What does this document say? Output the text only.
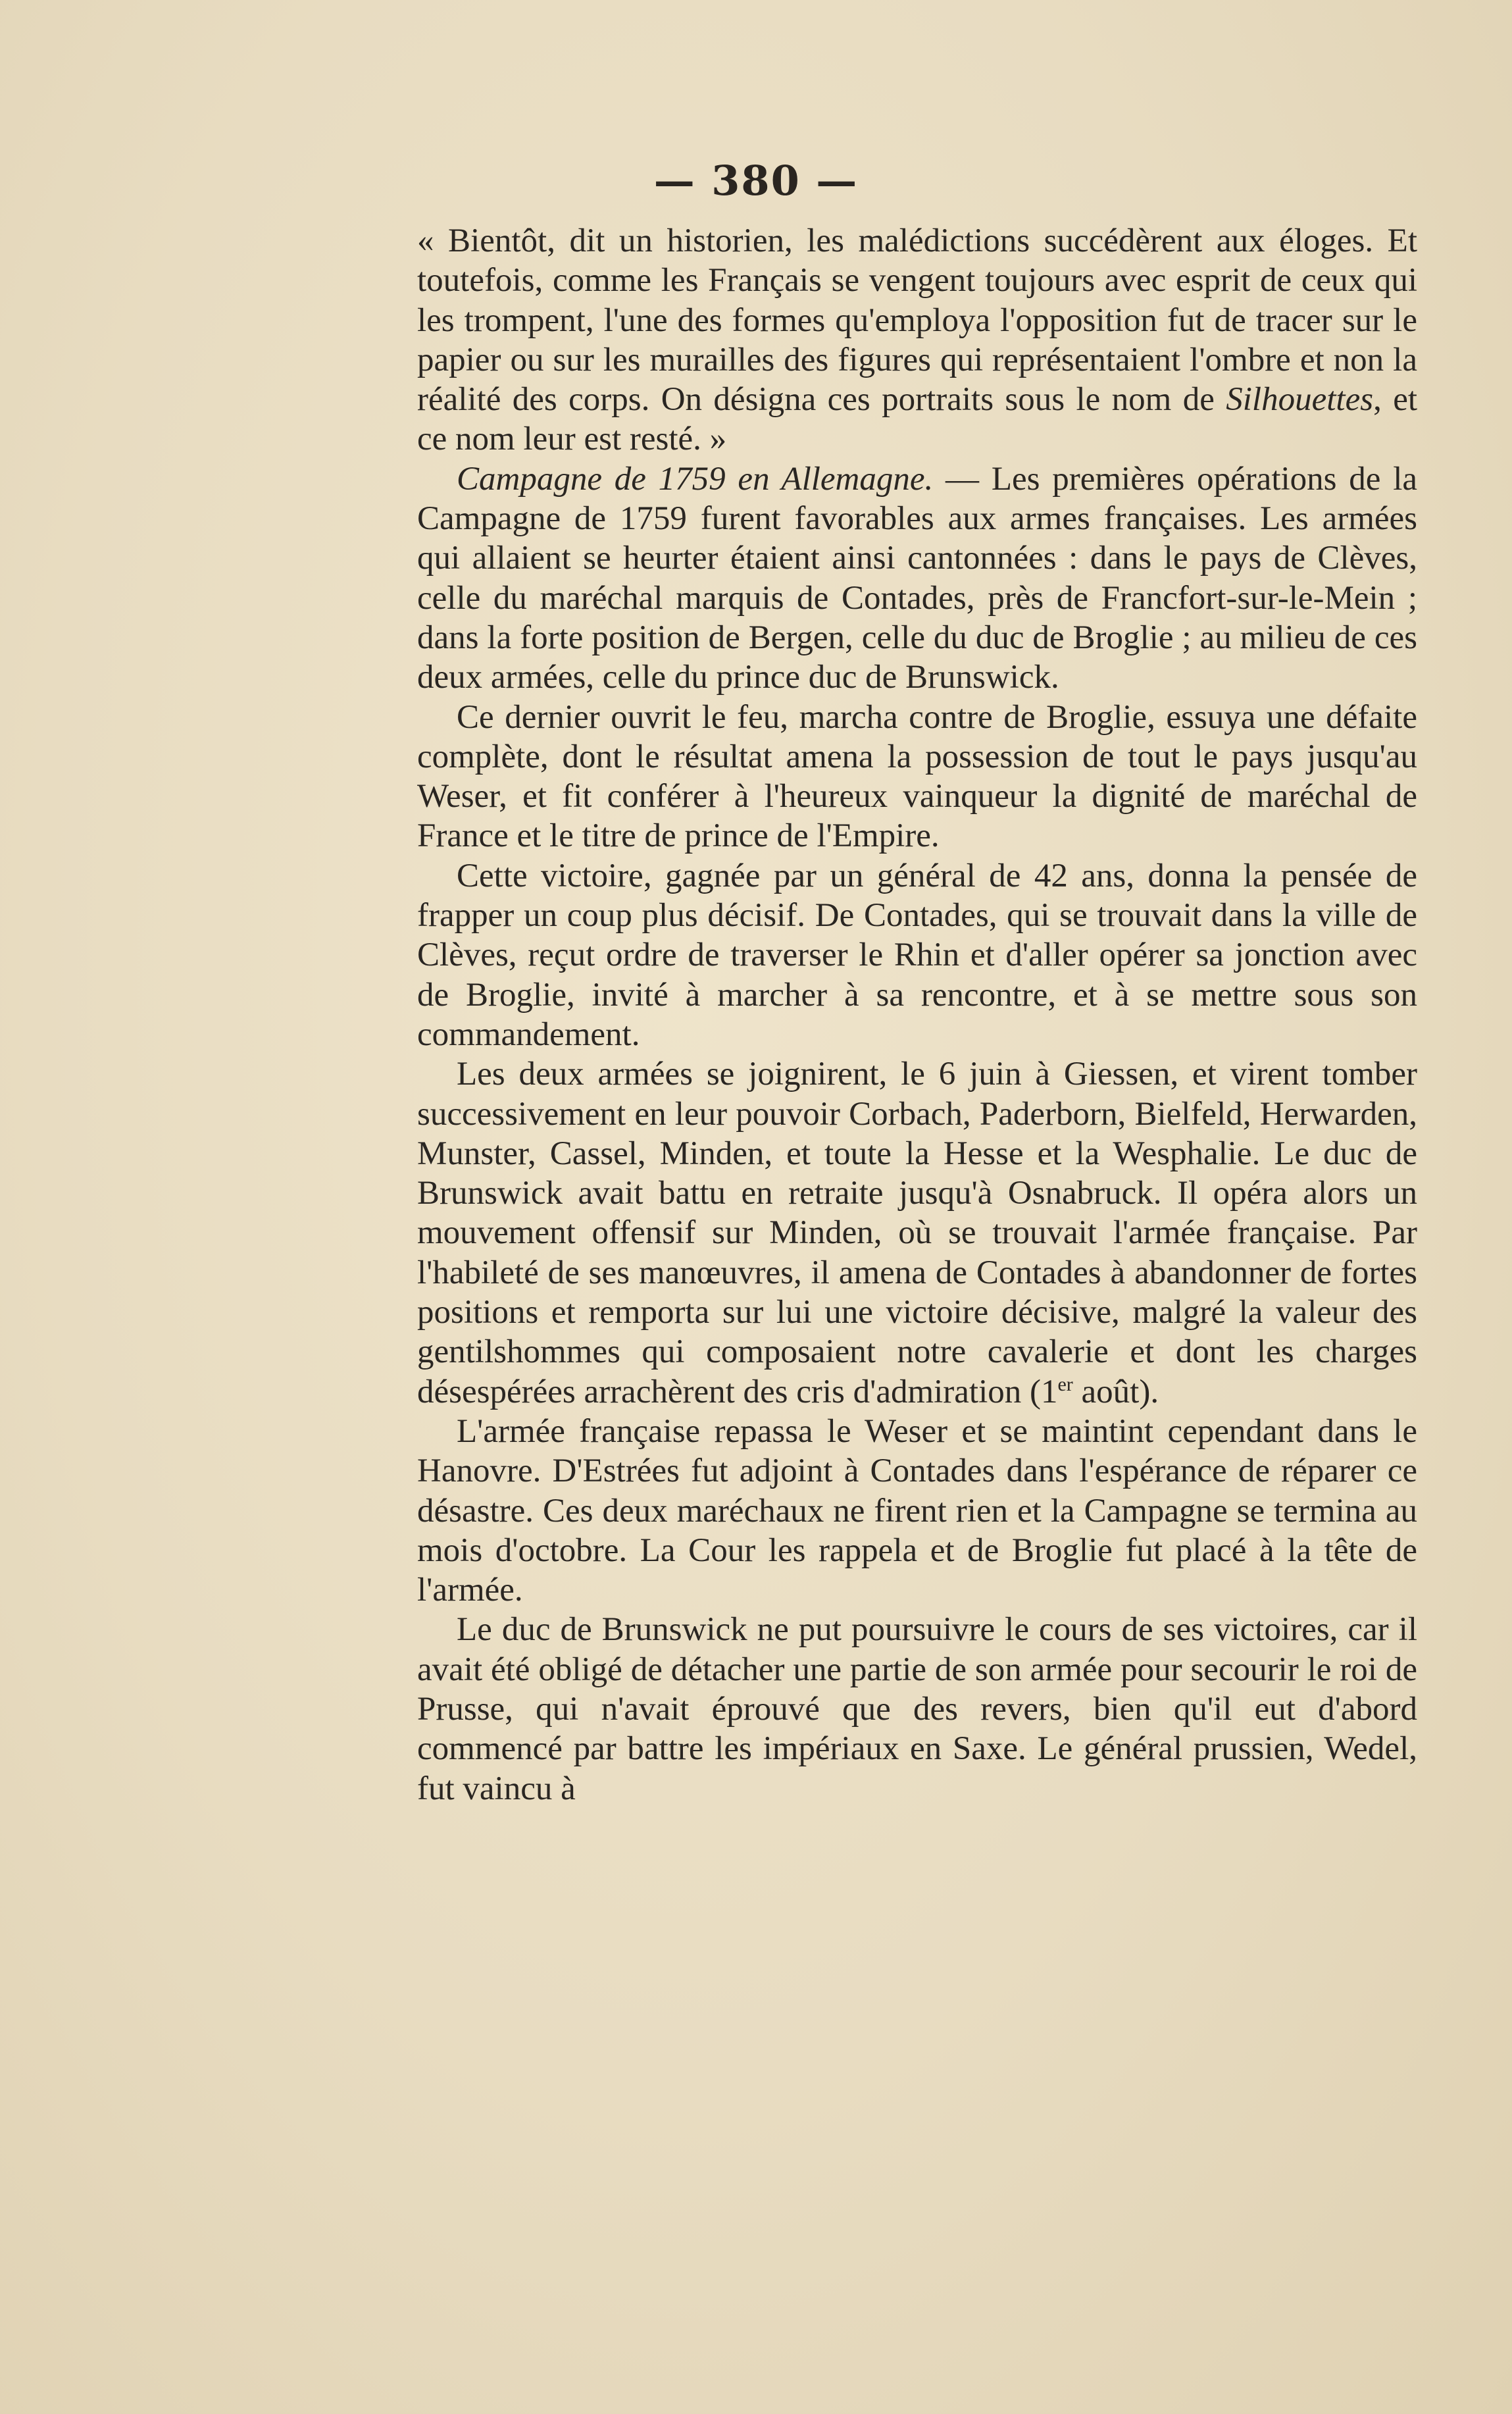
— 380 —

« Bientôt, dit un historien, les malédictions succédèrent aux éloges. Et toutefois, comme les Français se vengent toujours avec esprit de ceux qui les trompent, l'une des formes qu'employa l'opposition fut de tracer sur le papier ou sur les murailles des figures qui représentaient l'ombre et non la réalité des corps. On désigna ces portraits sous le nom de Silhouettes, et ce nom leur est resté. »

Campagne de 1759 en Allemagne. — Les premières opérations de la Campagne de 1759 furent favorables aux armes françaises. Les armées qui allaient se heurter étaient ainsi cantonnées : dans le pays de Clèves, celle du maréchal marquis de Contades, près de Francfort-sur-le-Mein ; dans la forte position de Bergen, celle du duc de Broglie ; au milieu de ces deux armées, celle du prince duc de Brunswick.

Ce dernier ouvrit le feu, marcha contre de Broglie, essuya une défaite complète, dont le résultat amena la possession de tout le pays jusqu'au Weser, et fit conférer à l'heureux vainqueur la dignité de maréchal de France et le titre de prince de l'Empire.

Cette victoire, gagnée par un général de 42 ans, donna la pensée de frapper un coup plus décisif. De Contades, qui se trouvait dans la ville de Clèves, reçut ordre de traverser le Rhin et d'aller opérer sa jonction avec de Broglie, invité à marcher à sa rencontre, et à se mettre sous son commandement.

Les deux armées se joignirent, le 6 juin à Giessen, et virent tomber successivement en leur pouvoir Corbach, Paderborn, Bielfeld, Herwarden, Munster, Cassel, Minden, et toute la Hesse et la Wesphalie. Le duc de Brunswick avait battu en retraite jusqu'à Osnabruck. Il opéra alors un mouvement offensif sur Minden, où se trouvait l'armée française. Par l'habileté de ses manœuvres, il amena de Contades à abandonner de fortes positions et remporta sur lui une victoire décisive, malgré la valeur des gentilshommes qui composaient notre cavalerie et dont les charges désespérées arrachèrent des cris d'admiration (1er août).

L'armée française repassa le Weser et se maintint cependant dans le Hanovre. D'Estrées fut adjoint à Contades dans l'espérance de réparer ce désastre. Ces deux maréchaux ne firent rien et la Campagne se termina au mois d'octobre. La Cour les rappela et de Broglie fut placé à la tête de l'armée.

Le duc de Brunswick ne put poursuivre le cours de ses victoires, car il avait été obligé de détacher une partie de son armée pour secourir le roi de Prusse, qui n'avait éprouvé que des revers, bien qu'il eut d'abord commencé par battre les impériaux en Saxe. Le général prussien, Wedel, fut vaincu à
